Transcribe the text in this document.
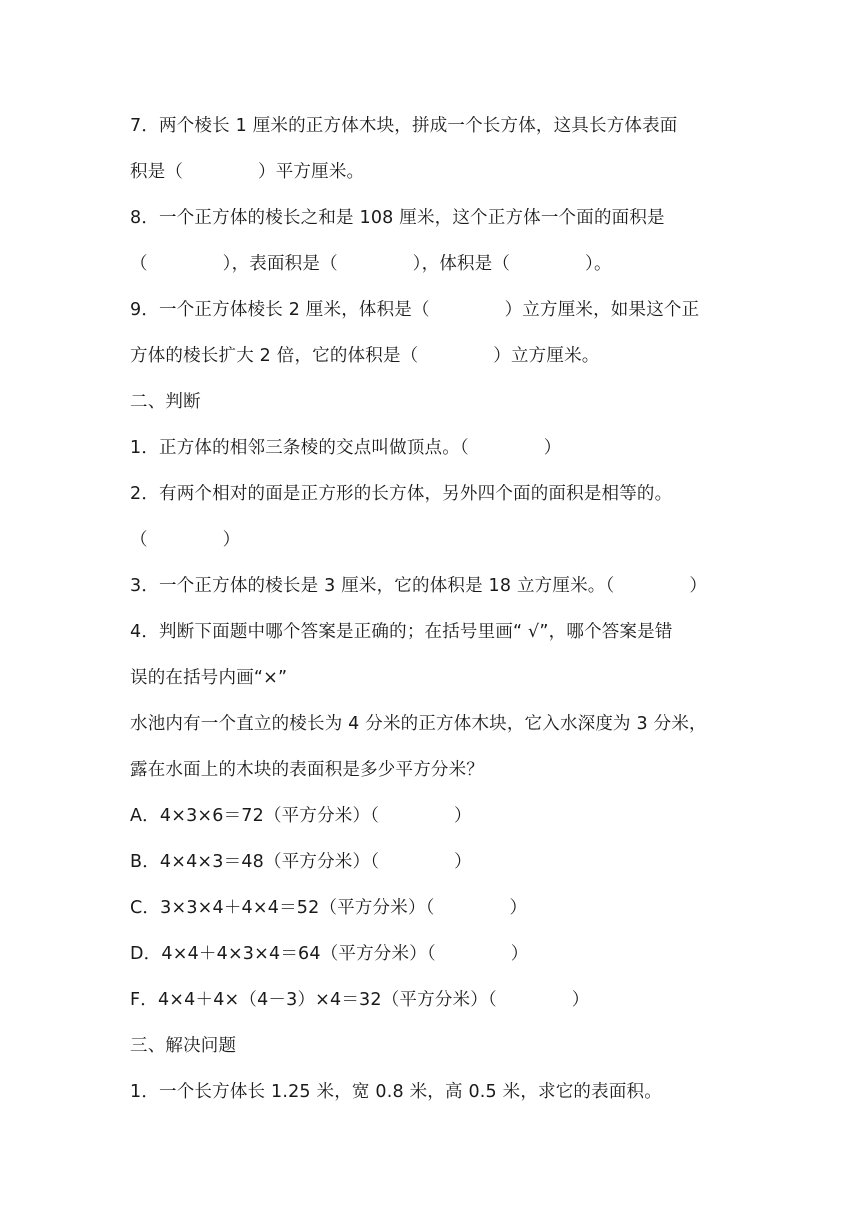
7．两个棱长 1 厘米的正方体木块，拼成一个长方体，这具长方体表面
积是（             ）平方厘米。
8．一个正方体的棱长之和是 108 厘米，这个正方体一个面的面积是
（             ），表面积是（             ），体积是（             ）。
9．一个正方体棱长 2 厘米，体积是（             ）立方厘米，如果这个正
方体的棱长扩大 2 倍，它的体积是（             ）立方厘米。
二、判断
1．正方体的相邻三条棱的交点叫做顶点。（             ）
2．有两个相对的面是正方形的长方体，另外四个面的面积是相等的。
（             ）
3．一个正方体的棱长是 3 厘米，它的体积是 18 立方厘米。（             ）
4．判断下面题中哪个答案是正确的；在括号里画“ √”，哪个答案是错
误的在括号内画“×”
水池内有一个直立的棱长为 4 分米的正方体木块，它入水深度为 3 分米，
露在水面上的木块的表面积是多少平方分米？
A．4×3×6＝72（平方分米）（             ）
B．4×4×3＝48（平方分米）（             ）
C．3×3×4＋4×4＝52（平方分米）（             ）
D．4×4＋4×3×4＝64（平方分米）（             ）
F．4×4＋4×（4－3）×4＝32（平方分米）（             ）
三、解决问题
1．一个长方体长 1.25 米，宽 0.8 米，高 0.5 米，求它的表面积。
